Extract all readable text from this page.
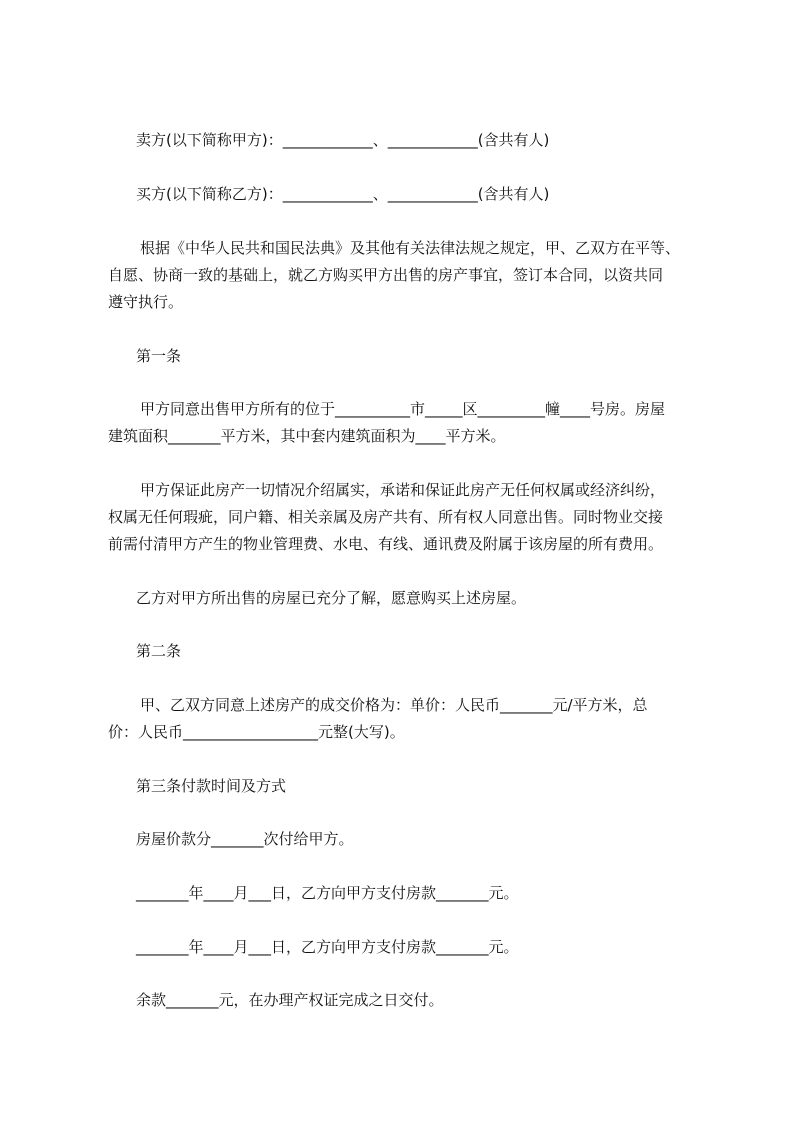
卖方(以下简称甲方)：____________、____________(含共有人)
买方(以下简称乙方)：____________、____________(含共有人)
根据《中华人民共和国民法典》及其他有关法律法规之规定，甲、乙双方在平等、
自愿、协商一致的基础上，就乙方购买甲方出售的房产事宜，签订本合同，以资共同
遵守执行。
第一条
甲方同意出售甲方所有的位于__________市_____区_________幢____号房。房屋
建筑面积_______平方米，其中套内建筑面积为____平方米。
甲方保证此房产一切情况介绍属实，承诺和保证此房产无任何权属或经济纠纷，
权属无任何瑕疵，同户籍、相关亲属及房产共有、所有权人同意出售。同时物业交接
前需付清甲方产生的物业管理费、水电、有线、通讯费及附属于该房屋的所有费用。
乙方对甲方所出售的房屋已充分了解，愿意购买上述房屋。
第二条
甲、乙双方同意上述房产的成交价格为：单价：人民币_______元/平方米，总
价：人民币__________________元整(大写)。
第三条付款时间及方式
房屋价款分_______次付给甲方。
_______年____月___日，乙方向甲方支付房款_______元。
_______年____月___日，乙方向甲方支付房款_______元。
余款_______元，在办理产权证完成之日交付。
